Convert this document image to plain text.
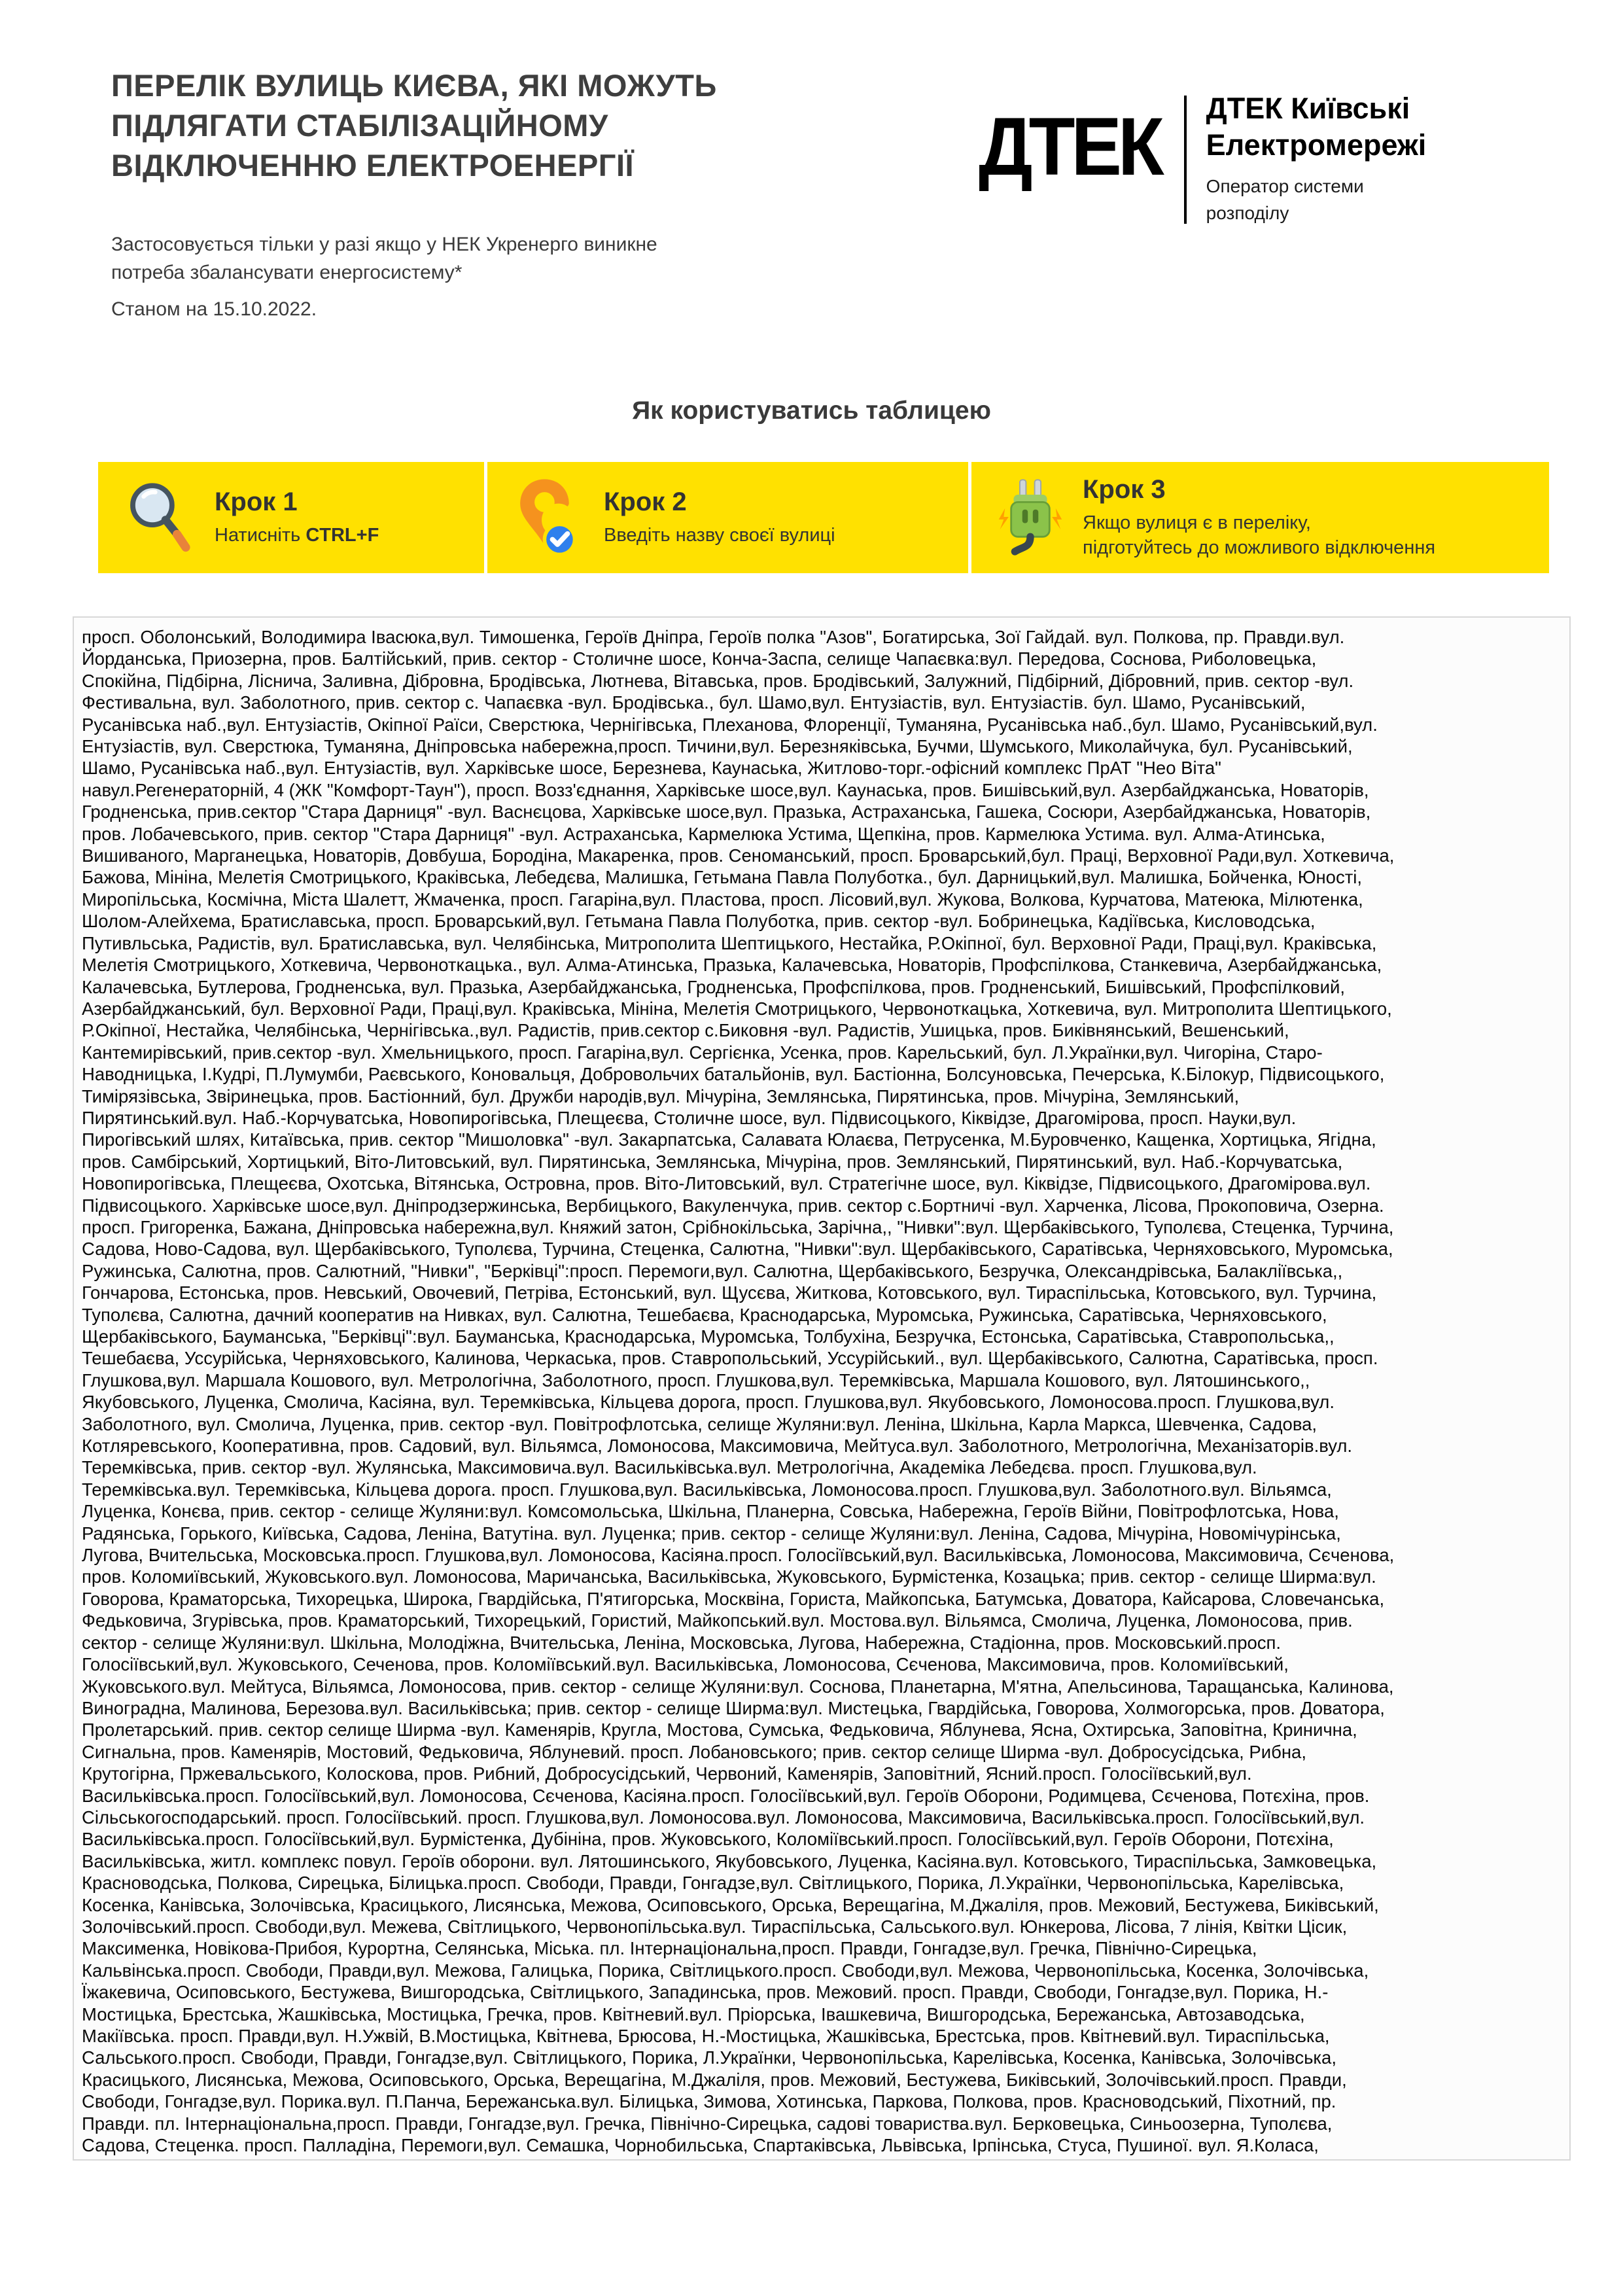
ПЕРЕЛІК ВУЛИЦЬ КИЄВА, ЯКІ МОЖУТЬ
ПІДЛЯГАТИ СТАБІЛІЗАЦІЙНОМУ
ВІДКЛЮЧЕННЮ ЕЛЕКТРОЕНЕРГІЇ	ДТЕК ДТЕК Київські
Електромережі
Оператор системи
розподілу
Застосовується тільки у разі якщо у НЕК Укренерго виникне
потреба збалансувати енергосистему*
Станом на 15.10.2022.
Як користуватись таблицею
Крок 1
Натисніть CTRL+F
Крок 2
Введіть назву своєї вулиці
Крок 3
Якщо вулиця є в переліку,
підготуйтесь до можливого відключення
просп. Оболонський, Володимира Івасюка,вул. Тимошенка, Героїв Дніпра, Героїв полка "Азов", Богатирська, Зої Гайдай. вул. Полкова, пр. Правди.вул.
Йорданська, Приозерна, пров. Балтійський, прив. сектор - Столичне шосе, Конча-Заспа, селище Чапаєвка:вул. Передова, Соснова, Риболовецька,
Спокійна, Підбірна, Ліснича, Заливна, Дібровна, Бродівська, Лютнева, Вітавська, пров. Бродівський, Залужний, Підбірний, Дібровний, прив. сектор -вул.
Фестивальна, вул. Заболотного, прив. сектор с. Чапаєвка -вул. Бродівська., бул. Шамо,вул. Ентузіастів, вул. Ентузіастів. бул. Шамо, Русанівський,
Русанівська наб.,вул. Ентузіастів, Окіпної Раїси, Сверстюка, Чернігівська, Плеханова, Флоренції, Туманяна, Русанівська наб.,бул. Шамо, Русанівський,вул.
Ентузіастів, вул. Сверстюка, Туманяна, Дніпровська набережна,просп. Тичини,вул. Березняківська, Бучми, Шумського, Миколайчука, бул. Русанівський,
Шамо, Русанівська наб.,вул. Ентузіастів, вул. Харківське шосе, Березнева, Каунаська, Житлово-торг.-офісний комплекс ПрАТ "Нео Віта"
навул.Регенераторній, 4 (ЖК "Комфорт-Таун"), просп. Возз'єднання, Харківське шосе,вул. Каунаська, пров. Бишівський,вул. Азербайджанська, Новаторів,
Гродненська, прив.сектор "Стара Дарниця" -вул. Васнєцова, Харківське шосе,вул. Празька, Астраханська, Гашека, Сосюри, Азербайджанська, Новаторів,
пров. Лобачевського, прив. сектор "Стара Дарниця" -вул. Астраханська, Кармелюка Устима, Щепкіна, пров. Кармелюка Устима. вул. Алма-Атинська,
Вишиваного, Марганецька, Новаторів, Довбуша, Бородіна, Макаренка, пров. Сеноманський, просп. Броварський,бул. Праці, Верховної Ради,вул. Хоткевича,
Бажова, Мініна, Мелетія Смотрицького, Краківська, Лебедєва, Малишка, Гетьмана Павла Полуботка., бул. Дарницький,вул. Малишка, Бойченка, Юності,
Миропільська, Космічна, Міста Шалетт, Жмаченка, просп. Гагаріна,вул. Пластова, просп. Лісовий,вул. Жукова, Волкова, Курчатова, Матеюка, Мілютенка,
Шолом-Алейхема, Братиславська, просп. Броварський,вул. Гетьмана Павла Полуботка, прив. сектор -вул. Бобринецька, Кадіївська, Кисловодська,
Путивльська, Радистів, вул. Братиславська, вул. Челябінська, Митрополита Шептицького, Нестайка, Р.Окіпної, бул. Верховної Ради, Праці,вул. Краківська,
Мелетія Смотрицького, Хоткевича, Червоноткацька., вул. Алма-Атинська, Празька, Калачевська, Новаторів, Профспілкова, Станкевича, Азербайджанська,
Калачевська, Бутлерова, Гродненська, вул. Празька, Азербайджанська, Гродненська, Профспілкова, пров. Гродненський, Бишівський, Профспілковий,
Азербайджанський, бул. Верховної Ради, Праці,вул. Краківська, Мініна, Мелетія Смотрицького, Червоноткацька, Хоткевича, вул. Митрополита Шептицького,
Р.Окіпної, Нестайка, Челябінська, Чернігівська.,вул. Радистів, прив.сектор с.Биковня -вул. Радистів, Ушицька, пров. Биківнянський, Вешенський,
Кантемирівський, прив.сектор -вул. Хмельницького, просп. Гагаріна,вул. Сергієнка, Усенка, пров. Карельський, бул. Л.Українки,вул. Чигоріна, Старо-
Наводницька, І.Кудрі, П.Лумумби, Раєвського, Коновальця, Добровольчих батальйонів, вул. Бастіонна, Болсуновська, Печерська, К.Білокур, Підвисоцького,
Тимірязівська, Звіринецька, пров. Бастіонний, бул. Дружби народів,вул. Мічуріна, Землянська, Пирятинська, пров. Мічуріна, Землянський,
Пирятинський.вул. Наб.-Корчуватська, Новопирогівська, Плещеєва, Столичне шосе, вул. Підвисоцького, Кіквідзе, Драгомірова, просп. Науки,вул.
Пирогівський шлях, Китаївська, прив. сектор "Мишоловка" -вул. Закарпатська, Салавата Юлаєва, Петрусенка, М.Буровченко, Кащенка, Хортицька, Ягідна,
пров. Самбірський, Хортицький, Віто-Литовський, вул. Пирятинська, Землянська, Мічуріна, пров. Землянський, Пирятинський, вул. Наб.-Корчуватська,
Новопирогівська, Плещеєва, Охотська, Вітянська, Островна, пров. Віто-Литовський, вул. Стратегічне шосе, вул. Кіквідзе, Підвисоцького, Драгомірова.вул.
Підвисоцького. Харківське шосе,вул. Дніпродзержинська, Вербицького, Вакуленчука, прив. сектор с.Бортничі -вул. Харченка, Лісова, Прокоповича, Озерна.
просп. Григоренка, Бажана, Дніпровська набережна,вул. Княжий затон, Срібнокільська, Зарічна,, "Нивки":вул. Щербаківського, Туполєва, Стеценка, Турчина,
Садова, Ново-Садова, вул. Щербаківського, Туполєва, Турчина, Стеценка, Салютна, "Нивки":вул. Щербаківського, Саратівська, Черняховського, Муромська,
Ружинська, Салютна, пров. Салютний, "Нивки", "Берківці":просп. Перемоги,вул. Салютна, Щербаківського, Безручка, Олександрівська, Балакліївська,,
Гончарова, Естонська, пров. Невський, Овочевий, Петріва, Естонський, вул. Щусєва, Житкова, Котовського, вул. Тираспільська, Котовського, вул. Турчина,
Туполєва, Салютна, дачний кооператив на Нивках, вул. Салютна, Тешебаєва, Краснодарська, Муромська, Ружинська, Саратівська, Черняховського,
Щербаківського, Бауманська, "Берківці":вул. Бауманська, Краснодарська, Муромська, Толбухіна, Безручка, Естонська, Саратівська, Ставропольська,,
Тешебаєва, Уссурійська, Черняховського, Калинова, Черкаська, пров. Ставропольський, Уссурійський., вул. Щербаківського, Салютна, Саратівська, просп.
Глушкова,вул. Маршала Кошового, вул. Метрологічна, Заболотного, просп. Глушкова,вул. Теремківська, Маршала Кошового, вул. Лятошинського,,
Якубовського, Луценка, Смолича, Касіяна, вул. Теремківська, Кільцева дорога, просп. Глушкова,вул. Якубовського, Ломоносова.просп. Глушкова,вул.
Заболотного, вул. Смолича, Луценка, прив. сектор -вул. Повітрофлотська, селище Жуляни:вул. Леніна, Шкільна, Карла Маркса, Шевченка, Садова,
Котляревського, Кооперативна, пров. Садовий, вул. Вільямса, Ломоносова, Максимовича, Мейтуса.вул. Заболотного, Метрологічна, Механізаторів.вул.
Теремківська, прив. сектор -вул. Жулянська, Максимовича.вул. Васильківська.вул. Метрологічна, Академіка Лебедєва. просп. Глушкова,вул.
Теремківська.вул. Теремківська, Кільцева дорога. просп. Глушкова,вул. Васильківська, Ломоносова.просп. Глушкова,вул. Заболотного.вул. Вільямса,
Луценка, Конєва, прив. сектор - селище Жуляни:вул. Комсомольська, Шкільна, Планерна, Совська, Набережна, Героїв Війни, Повітрофлотська, Нова,
Радянська, Горького, Київська, Садова, Леніна, Ватутіна. вул. Луценка; прив. сектор - селище Жуляни:вул. Леніна, Садова, Мічуріна, Новомічурінська,
Лугова, Вчительська, Московська.просп. Глушкова,вул. Ломоносова, Касіяна.просп. Голосіївський,вул. Васильківська, Ломоносова, Максимовича, Сєченова,
пров. Коломиївський, Жуковського.вул. Ломоносова, Маричанська, Васильківська, Жуковського, Бурмістенка, Козацька; прив. сектор - селище Ширма:вул.
Говорова, Краматорська, Тихорецька, Широка, Гвардійська, П'ятигорська, Москвіна, Гориста, Майкопська, Батумська, Доватора, Кайсарова, Словечанська,
Федьковича, Згурівська, пров. Краматорський, Тихорецький, Гористий, Майкопський.вул. Мостова.вул. Вільямса, Смолича, Луценка, Ломоносова, прив.
сектор - селище Жуляни:вул. Шкільна, Молодіжна, Вчительська, Леніна, Московська, Лугова, Набережна, Стадіонна, пров. Московський.просп.
Голосіївський,вул. Жуковського, Сеченова, пров. Коломіївський.вул. Васильківська, Ломоносова, Сєченова, Максимовича, пров. Коломиївський,
Жуковського.вул. Мейтуса, Вільямса, Ломоносова, прив. сектор - селище Жуляни:вул. Соснова, Планетарна, М'ятна, Апельсинова, Таращанська, Калинова,
Виноградна, Малинова, Березова.вул. Васильківська; прив. сектор - селище Ширма:вул. Мистецька, Гвардійська, Говорова, Холмогорська, пров. Доватора,
Пролетарський. прив. сектор селище Ширма -вул. Каменярів, Кругла, Мостова, Сумська, Федьковича, Яблунева, Ясна, Охтирська, Заповітна, Кринична,
Сигнальна, пров. Каменярів, Мостовий, Федьковича, Яблуневий. просп. Лобановського; прив. сектор селище Ширма -вул. Добросусідська, Рибна,
Крутогірна, Пржевальського, Колоскова, пров. Рибний, Добросусідський, Червоний, Каменярів, Заповітний, Ясний.просп. Голосіївський,вул.
Васильківська.просп. Голосіївський,вул. Ломоносова, Сєченова, Касіяна.просп. Голосіївський,вул. Героїв Оборони, Родимцева, Сєченова, Потєхіна, пров.
Сільськогосподарський. просп. Голосіївський. просп. Глушкова,вул. Ломоносова.вул. Ломоносова, Максимовича, Васильківська.просп. Голосіївський,вул.
Васильківська.просп. Голосіївський,вул. Бурмістенка, Дубініна, пров. Жуковського, Коломіївський.просп. Голосіївський,вул. Героїв Оборони, Потєхіна,
Васильківська, житл. комплекс повул. Героїв оборони. вул. Лятошинського, Якубовського, Луценка, Касіяна.вул. Котовського, Тираспільська, Замковецька,
Красноводська, Полкова, Сирецька, Білицька.просп. Свободи, Правди, Гонгадзе,вул. Світлицького, Порика, Л.Українки, Червонопільська, Карелівська,
Косенка, Канівська, Золочівська, Красицького, Лисянська, Межова, Осиповського, Орська, Верещагіна, М.Джаліля, пров. Межовий, Бестужева, Биківський,
Золочівський.просп. Свободи,вул. Межева, Світлицького, Червонопільська.вул. Тираспільська, Сальського.вул. Юнкерова, Лісова, 7 лінія, Квітки Цісик,
Максименка, Новікова-Прибоя, Курортна, Селянська, Міська. пл. Інтернаціональна,просп. Правди, Гонгадзе,вул. Гречка, Північно-Сирецька,
Кальвінська.просп. Свободи, Правди,вул. Межова, Галицька, Порика, Світлицького.просп. Свободи,вул. Межова, Червонопільська, Косенка, Золочівська,
Їжакевича, Осиповського, Бестужева, Вишгородська, Світлицького, Западинська, пров. Межовий. просп. Правди, Свободи, Гонгадзе,вул. Порика, Н.-
Мостицька, Брестська, Жашківська, Мостицька, Гречка, пров. Квітневий.вул. Пріорська, Івашкевича, Вишгородська, Бережанська, Автозаводська,
Макіївська. просп. Правди,вул. Н.Ужвій, В.Мостицька, Квітнева, Брюсова, Н.-Мостицька, Жашківська, Брестська, пров. Квітневий.вул. Тираспільська,
Сальського.просп. Свободи, Правди, Гонгадзе,вул. Світлицького, Порика, Л.Українки, Червонопільська, Карелівська, Косенка, Канівська, Золочівська,
Красицького, Лисянська, Межова, Осиповського, Орська, Верещагіна, М.Джаліля, пров. Межовий, Бестужева, Биківський, Золочівський.просп. Правди,
Свободи, Гонгадзе,вул. Порика.вул. П.Панча, Бережанська.вул. Білицька, Зимова, Хотинська, Паркова, Полкова, пров. Красноводський, Піхотний, пр.
Правди. пл. Інтернаціональна,просп. Правди, Гонгадзе,вул. Гречка, Північно-Сирецька, садові товариства.вул. Берковецька, Синьоозерна, Туполєва,
Садова, Стеценка. просп. Палладіна, Перемоги,вул. Семашка, Чорнобильська, Спартаківська, Львівська, Ірпінська, Стуса, Пушиної. вул. Я.Коласа,
